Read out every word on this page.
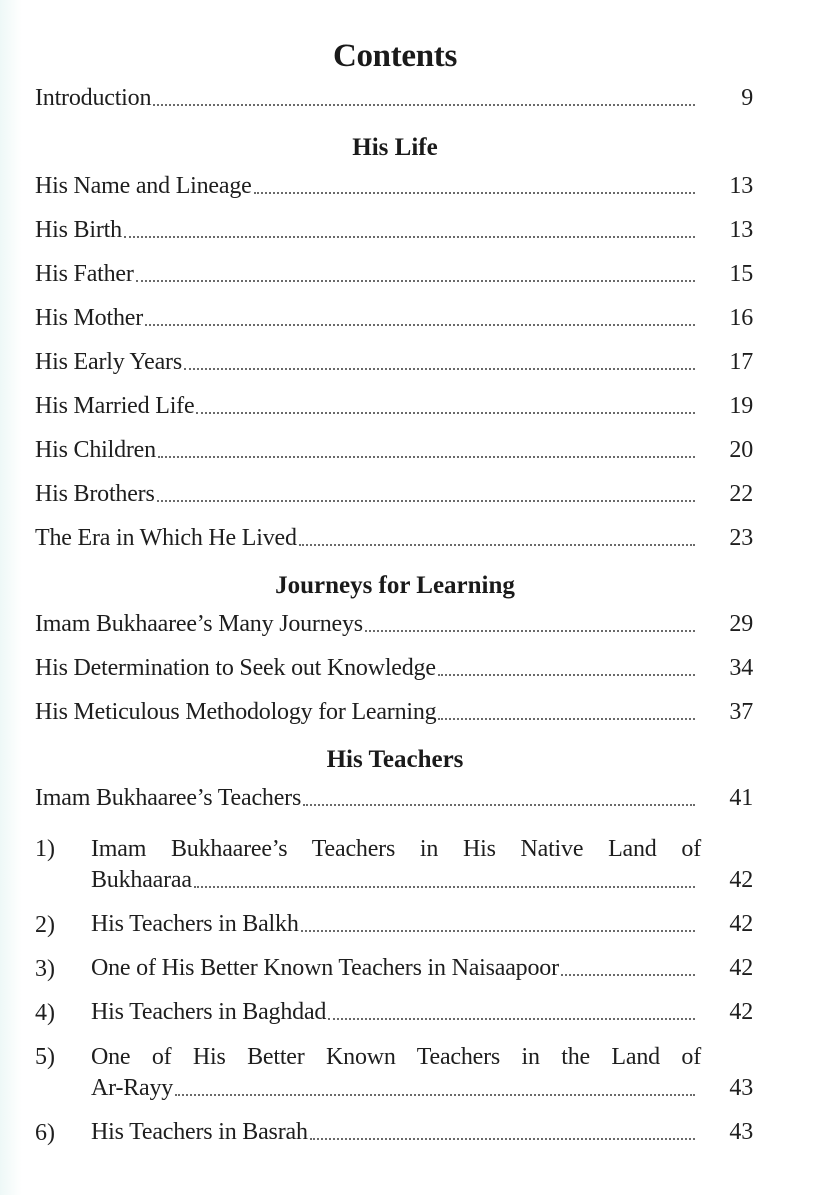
Contents
Introduction	9
His Life
His Name and Lineage	13
His Birth	13
His Father	15
His Mother	16
His Early Years	17
His Married Life	19
His Children	20
His Brothers	22
The Era in Which He Lived	23
Journeys for Learning
Imam Bukhaaree’s Many Journeys	29
His Determination to Seek out Knowledge	34
His Meticulous Methodology for Learning	37
His Teachers
Imam Bukhaaree’s Teachers	41
1) Imam Bukhaaree’s Teachers in His Native Land of
Bukhaaraa	42
2) His Teachers in Balkh	42
3) One of His Better Known Teachers in Naisaapoor	42
4) His Teachers in Baghdad	42
5) One of His Better Known Teachers in the Land of
Ar-Rayy	43
6) His Teachers in Basrah	43
